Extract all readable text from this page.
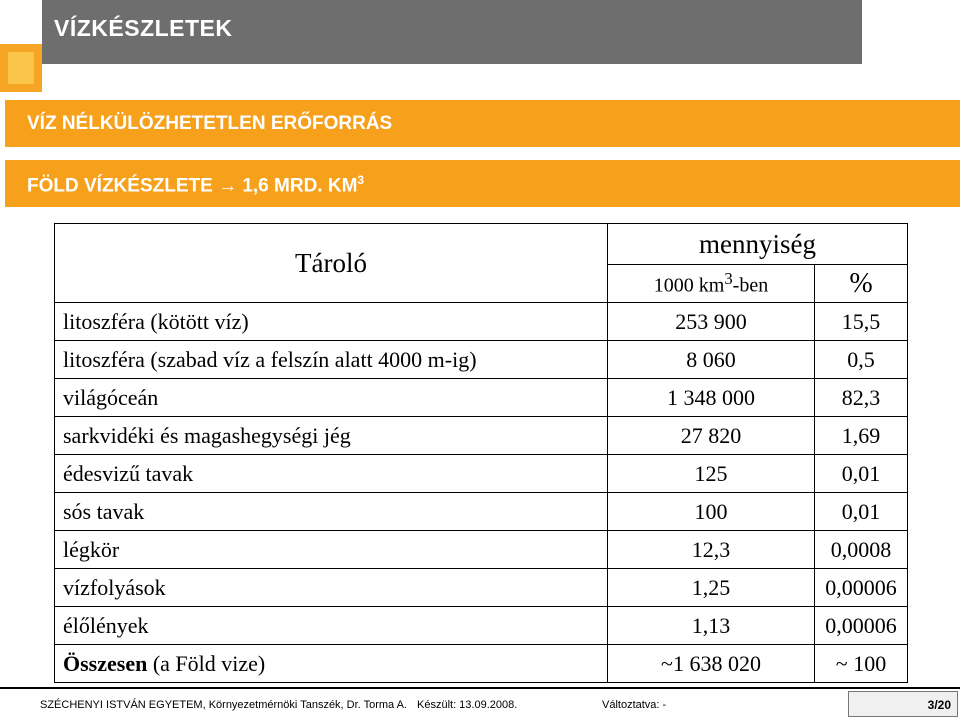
VÍZKÉSZLETEK
VÍZ NÉLKÜLÖZHETETLEN ERŐFORRÁS
FÖLD VÍZKÉSZLETE → 1,6 MRD. $KM^3$
Tároló	mennyiség	
	1000 $km^3$-ben	%
litoszféra (kötött víz)	253 900	15,5
litoszféra (szabad víz a felszín alatt 4000 m-ig)	8 060	0,5
világóceán	1 348 000	82,3
sarkvidéki és magashegységi jég	27 820	1,69
édesvizű tavak	125	0,01
sós tavak	100	0,01
légkör	12,3	0,0008
vízfolyások	1,25	0,00006
élőlények	1,13	0,00006
Összesen (a Föld vize)	~1 638 020	~ 100
SZÉCHENYI ISTVÁN EGYETEM, Környezetmérnöki Tanszék, Dr. Torma A. Készült: 13.09.2008.	Változtatva: -	3/20
